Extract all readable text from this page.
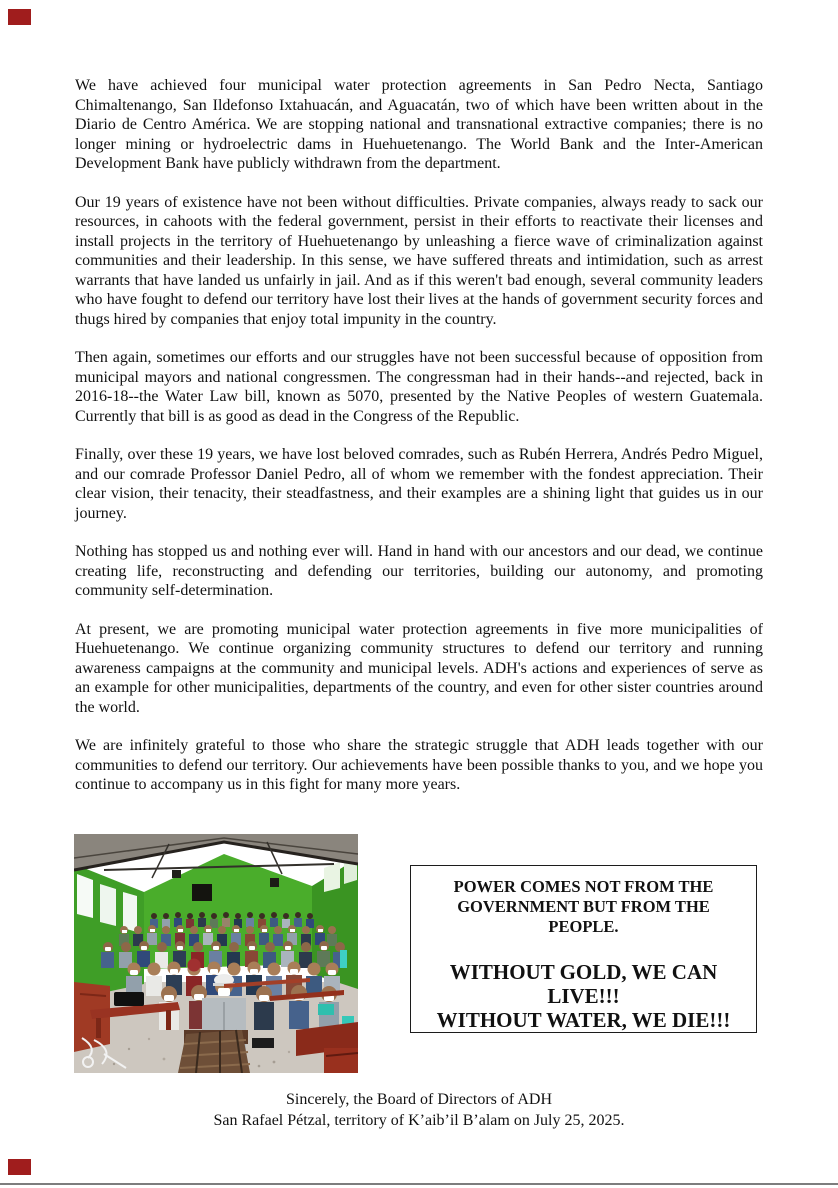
We have achieved four municipal water protection agreements in San Pedro Necta, Santiago Chimaltenango, San Ildefonso Ixtahuacán, and Aguacatán, two of which have been written about in the Diario de Centro América. We are stopping national and transnational extractive companies; there is no longer mining or hydroelectric dams in Huehuetenango. The World Bank and the Inter-American Development Bank have publicly withdrawn from the department.
Our 19 years of existence have not been without difficulties. Private companies, always ready to sack our resources, in cahoots with the federal government, persist in their efforts to reactivate their licenses and install projects in the territory of Huehuetenango by unleashing a fierce wave of criminalization against communities and their leadership. In this sense, we have suffered threats and intimidation, such as arrest warrants that have landed us unfairly in jail. And as if this weren't bad enough, several community leaders who have fought to defend our territory have lost their lives at the hands of government security forces and thugs hired by companies that enjoy total impunity in the country.
Then again, sometimes our efforts and our struggles have not been successful because of opposition from municipal mayors and national congressmen. The congressman had in their hands--and rejected, back in 2016-18--the Water Law bill, known as 5070, presented by the Native Peoples of western Guatemala. Currently that bill is as good as dead in the Congress of the Republic.
Finally, over these 19 years, we have lost beloved comrades, such as Rubén Herrera, Andrés Pedro Miguel, and our comrade Professor Daniel Pedro, all of whom we remember with the fondest appreciation. Their clear vision, their tenacity, their steadfastness, and their examples are a shining light that guides us in our journey.
Nothing has stopped us and nothing ever will. Hand in hand with our ancestors and our dead, we continue creating life, reconstructing and defending our territories, building our autonomy, and promoting community self-determination.
At present, we are promoting municipal water protection agreements in five more municipalities of Huehuetenango. We continue organizing community structures to defend our territory and running awareness campaigns at the community and municipal levels. ADH's actions and experiences of serve as an example for other municipalities, departments of the country, and even for other sister countries around the world.
We are infinitely grateful to those who share the strategic struggle that ADH leads together with our communities to defend our territory. Our achievements have been possible thanks to you, and we hope you continue to accompany us in this fight for many more years.
POWER COMES NOT FROM THE
GOVERNMENT BUT FROM THE
PEOPLE.
WITHOUT GOLD, WE CAN
LIVE!!!
WITHOUT WATER, WE DIE!!!
Sincerely, the Board of Directors of ADH
San Rafael Pétzal, territory of K’aib’il B’alam on July 25, 2025.
